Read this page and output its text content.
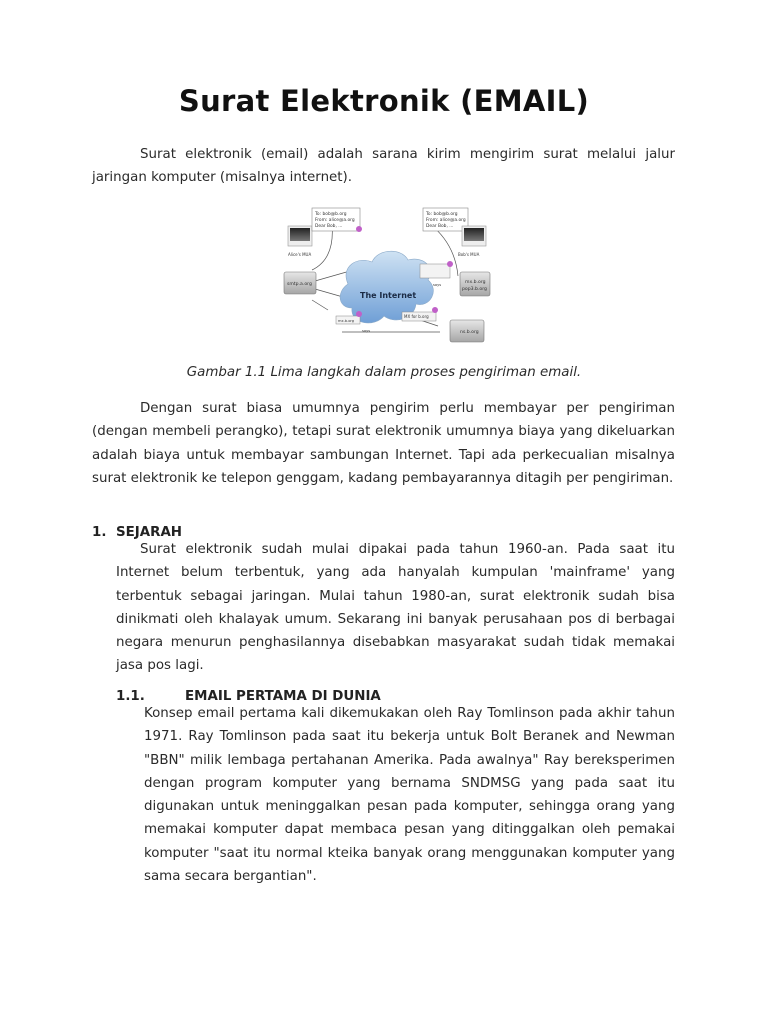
Surat Elektronik (EMAIL)
Surat elektronik (email) adalah sarana kirim mengirim surat melalui jalur jaringan komputer (misalnya internet).
The Internet
Alice's MUA
To: bob@b.org
From: alice@a.org
Dear Bob, ...
To: bob@b.org
From: alice@a.org
Dear Bob, ...
Bob's MUA
smtp.a.org	mx.b.org
pop3.b.org
ns.b.org
says
mx.b.org
says
MX for b.org
Gambar 1.1 Lima langkah dalam proses pengiriman email.
Dengan surat biasa umumnya pengirim perlu membayar per pengiriman (dengan membeli perangko), tetapi surat elektronik umumnya biaya yang dikeluarkan adalah biaya untuk membayar sambungan Internet. Tapi ada perkecualian misalnya surat elektronik ke telepon genggam, kadang pembayarannya ditagih per pengiriman.
1. SEJARAH
Surat elektronik sudah mulai dipakai pada tahun 1960-an. Pada saat itu Internet belum terbentuk, yang ada hanyalah kumpulan 'mainframe' yang terbentuk sebagai jaringan. Mulai tahun 1980-an, surat elektronik sudah bisa dinikmati oleh khalayak umum. Sekarang ini banyak perusahaan pos di berbagai negara menurun penghasilannya disebabkan masyarakat sudah tidak memakai jasa pos lagi.
1.1.	EMAIL PERTAMA DI DUNIA
Konsep email pertama kali dikemukakan oleh Ray Tomlinson pada akhir tahun 1971. Ray Tomlinson pada saat itu bekerja untuk Bolt Beranek and Newman "BBN" milik lembaga pertahanan Amerika. Pada awalnya" Ray bereksperimen dengan program komputer yang bernama SNDMSG yang pada saat itu digunakan untuk meninggalkan pesan pada komputer, sehingga orang yang memakai komputer dapat membaca pesan yang ditinggalkan oleh pemakai komputer "saat itu normal kteika banyak orang menggunakan komputer yang sama secara bergantian".
